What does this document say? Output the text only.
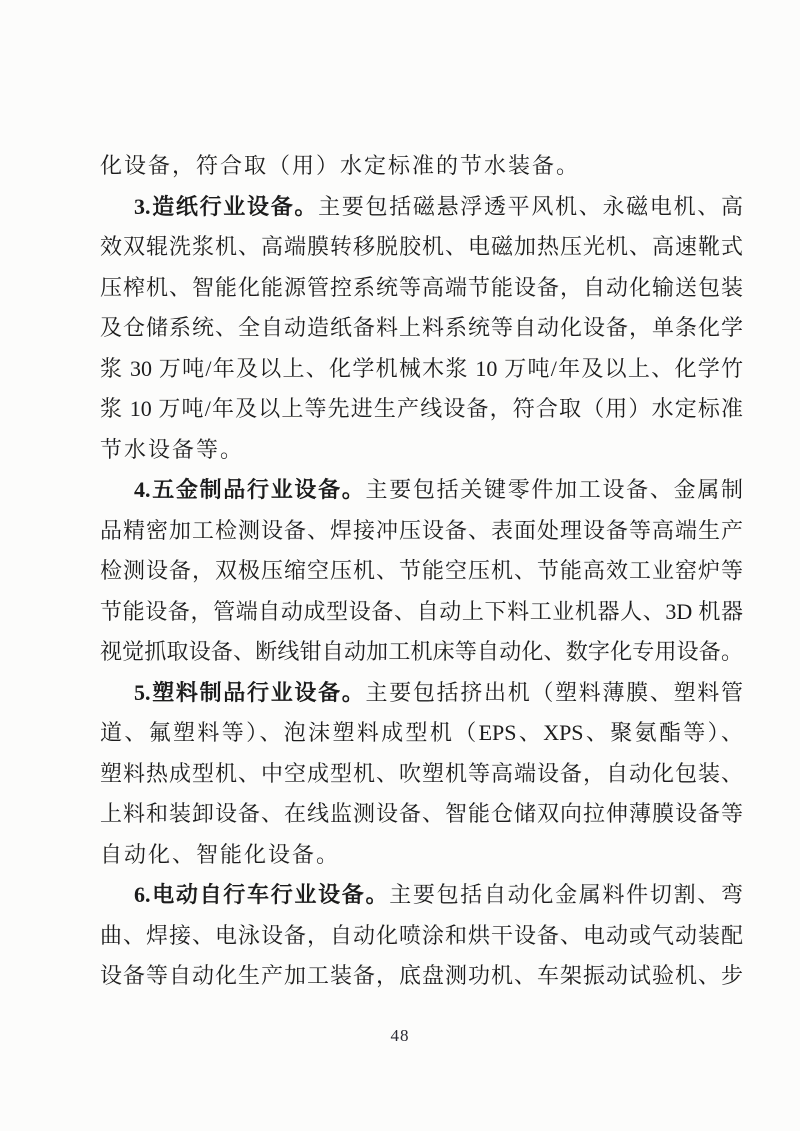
化设备，符合取（用）水定标准的节水装备。
3.造纸行业设备。主要包括磁悬浮透平风机、永磁电机、高
效双辊洗浆机、高端膜转移脱胶机、电磁加热压光机、高速靴式
压榨机、智能化能源管控系统等高端节能设备，自动化输送包装
及仓储系统、全自动造纸备料上料系统等自动化设备，单条化学
浆 30 万吨/年及以上、化学机械木浆 10 万吨/年及以上、化学竹
浆 10 万吨/年及以上等先进生产线设备，符合取（用）水定标准
节水设备等。
4.五金制品行业设备。主要包括关键零件加工设备、金属制
品精密加工检测设备、焊接冲压设备、表面处理设备等高端生产
检测设备，双极压缩空压机、节能空压机、节能高效工业窑炉等
节能设备，管端自动成型设备、自动上下料工业机器人、3D 机器
视觉抓取设备、断线钳自动加工机床等自动化、数字化专用设备。
5.塑料制品行业设备。主要包括挤出机（塑料薄膜、塑料管
道、氟塑料等）、泡沫塑料成型机（EPS、XPS、聚氨酯等）、
塑料热成型机、中空成型机、吹塑机等高端设备，自动化包装、
上料和装卸设备、在线监测设备、智能仓储双向拉伸薄膜设备等
自动化、智能化设备。
6.电动自行车行业设备。主要包括自动化金属料件切割、弯
曲、焊接、电泳设备，自动化喷涂和烘干设备、电动或气动装配
设备等自动化生产加工装备，底盘测功机、车架振动试验机、步
48
